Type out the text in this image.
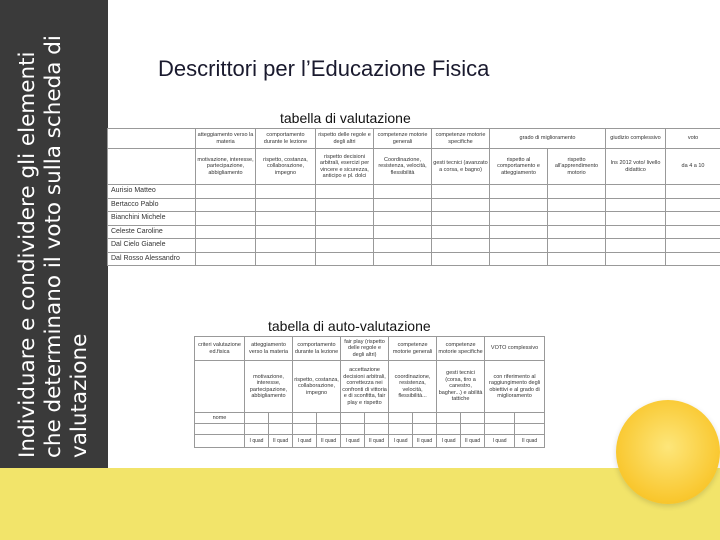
Individuare e condividere gli elementi che determinano il voto sulla scheda di valutazione
Descrittori per l’Educazione Fisica
tabella di valutazione
	atteggiamento verso la materia	comportamento durante le lezione	rispetto delle regole e degli altri	competenze motorie generali	competenze motorie specifiche	grado di miglioramento		giudizio complessivo	voto
	motivazione, interesse, partecipazione, abbigliamento	rispetto, costanza, collaborazione, impegno	rispetto decisioni arbitrali, esercizi per vincere e sicurezza, anticipo e pl. dolci	Coordinazione, resistenza, velocità, flessibilità	gesti tecnici (avanzato a corsa, e bagno)	rispetto al comportamento e atteggiamento	rispetto all'apprendimento motorio	Ins 2012 voto/ livello didattico	da 4 a 10
Aurisio Matteo									
Bertacco Pablo									
Bianchini Michele									
Celeste Caroline									
Dal Cielo Gianele									
Dal Rosso Alessandro									
tabella di auto-valutazione
criteri valutazione ed.fisica	atteggiamento verso la materia		comportamento durante la lezione		fair play (rispetto delle regole e degli altri)		competenze motorie generali		competenze motorie specifiche		VOTO complessivo	
	motivazione, interesse, partecipazione, abbigliamento		rispetto, costanza, collaborazione, impegno		accettazione decisioni arbitrali, correttezza nei confronti di vittoria e di sconfitta, fair play e rispetto		coordinazione, resistenza, velocità, flessibilità...		gesti tecnici (corsa, tiro a canestro, bagher...) e abilità tattiche		con riferimento al raggiungimento degli obiettivi e al grado di miglioramento	
nome												

	I quad	II quad	I quad	II quad	I quad	II quad	I quad	II quad	I quad	II quad	I quad	II quad
